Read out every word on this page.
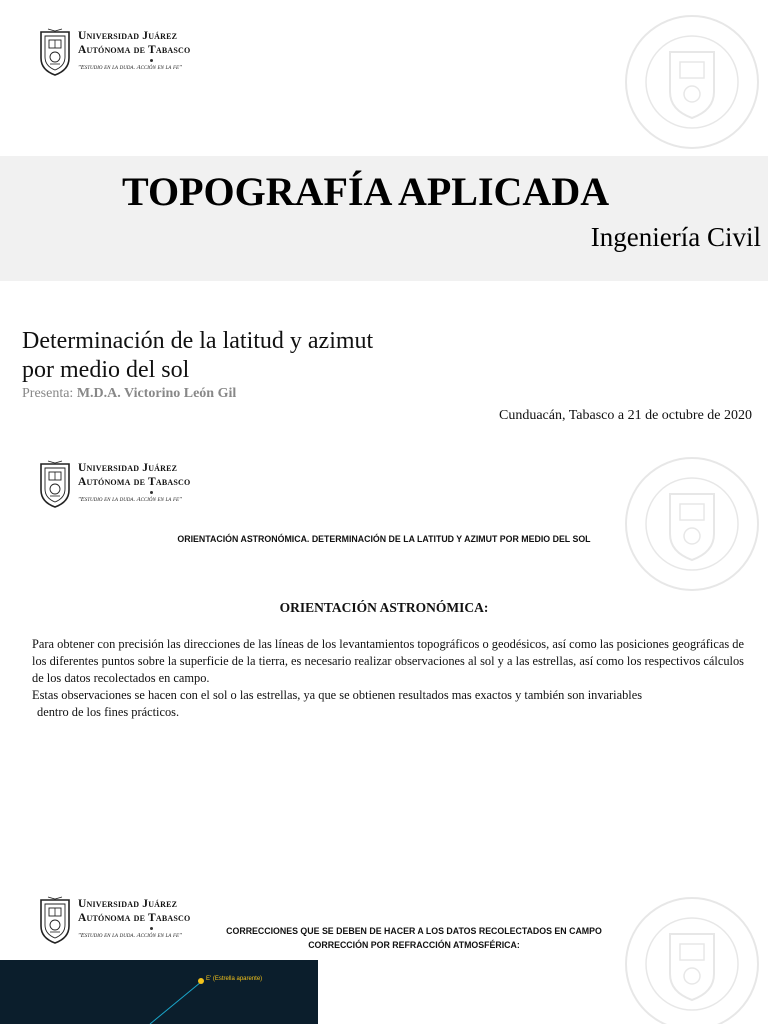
Universidad Juárez
Autónoma de Tabasco
"Estudio en la duda. Acción en la fe"
TOPOGRAFÍA APLICADA
Ingeniería Civil
Determinación de la latitud y azimut
por medio del sol
Presenta: M.D.A. Victorino León Gil
Cunduacán, Tabasco a 21 de octubre de 2020
Universidad Juárez
Autónoma de Tabasco
"Estudio en la duda. Acción en la fe"
ORIENTACIÓN ASTRONÓMICA. DETERMINACIÓN DE LA LATITUD Y AZIMUT POR MEDIO DEL SOL
ORIENTACIÓN ASTRONÓMICA:

Para obtener con precisión las direcciones de las líneas de los levantamientos topográficos o geodésicos, así como las posiciones geográficas de los diferentes puntos sobre la superficie de la tierra, es necesario realizar observaciones al sol y a las estrellas, así como los respectivos cálculos de los datos recolectados en campo.

Estas observaciones se hacen con el sol o las estrellas, ya que se obtienen resultados mas exactos y también son invariables

dentro de los fines prácticos.

Universidad Juárez
Autónoma de Tabasco
"Estudio en la duda. Acción en la fe"	CORRECCIONES QUE SE DEBEN DE HACER A LOS DATOS RECOLECTADOS EN CAMPO
CORRECCIÓN POR REFRACCIÓN ATMOSFÉRICA:
E' (Estrella aparente)
